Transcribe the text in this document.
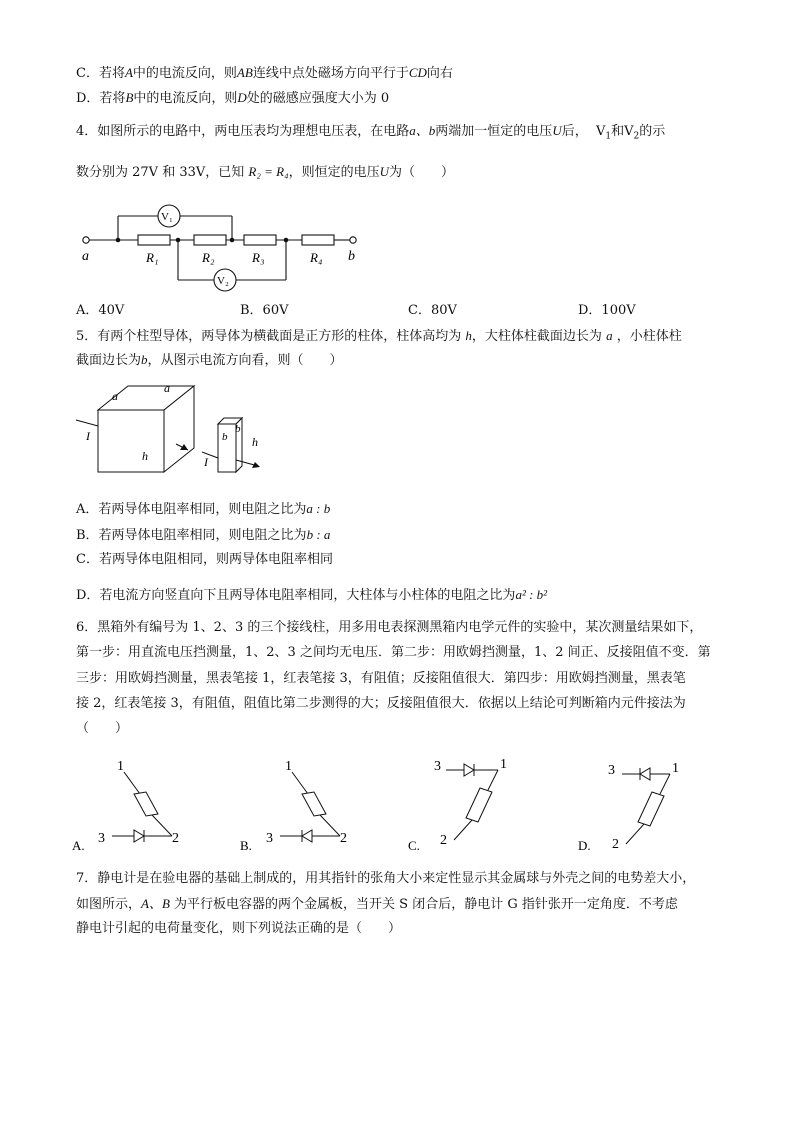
C．若将A中的电流反向，则AB连线中点处磁场方向平行于CD向右
D．若将B中的电流反向，则D处的磁感应强度大小为 0
4．如图所示的电路中，两电压表均为理想电压表，在电路a、b两端加一恒定的电压U后， $V_1$和$V_2$的示
数分别为 27V 和 33V，已知 R₂ = R₄，则恒定的电压U为（　　）
a	b
R₁	R₂	R₃	R₄
V₁
V₂
A．40V	B．60V	C．80V	D．100V
5．有两个柱型导体，两导体为横截面是正方形的柱体，柱体高均为 h，大柱体柱截面边长为 a ，小柱体柱
截面边长为b，从图示电流方向看，则（　　）
a
a
h
I	b
b
h
I
A．若两导体电阻率相同，则电阻之比为a : b
B．若两导体电阻率相同，则电阻之比为b : a
C．若两导体电阻相同，则两导体电阻率相同
D．若电流方向竖直向下且两导体电阻率相同，大柱体与小柱体的电阻之比为a² : b²
6．黑箱外有编号为 1、2、3 的三个接线柱，用多用电表探测黑箱内电学元件的实验中，某次测量结果如下，
第一步：用直流电压挡测量，1、2、3 之间均无电压．第二步：用欧姆挡测量，1、2 间正、反接阻值不变．第
三步：用欧姆挡测量，黑表笔接 1，红表笔接 3，有阻值；反接阻值很大．第四步：用欧姆挡测量，黑表笔
接 2，红表笔接 3，有阻值，阻值比第二步测得的大；反接阻值很大．依据以上结论可判断箱内元件接法为
（　　）
A.
1
3	2	B.
1
3	2	C.
3	1
2	D.
3	1
2
7．静电计是在验电器的基础上制成的，用其指针的张角大小来定性显示其金属球与外壳之间的电势差大小，
如图所示，A、B 为平行板电容器的两个金属板，当开关 S 闭合后，静电计 G 指针张开一定角度．不考虑
静电计引起的电荷量变化，则下列说法正确的是（　　）
